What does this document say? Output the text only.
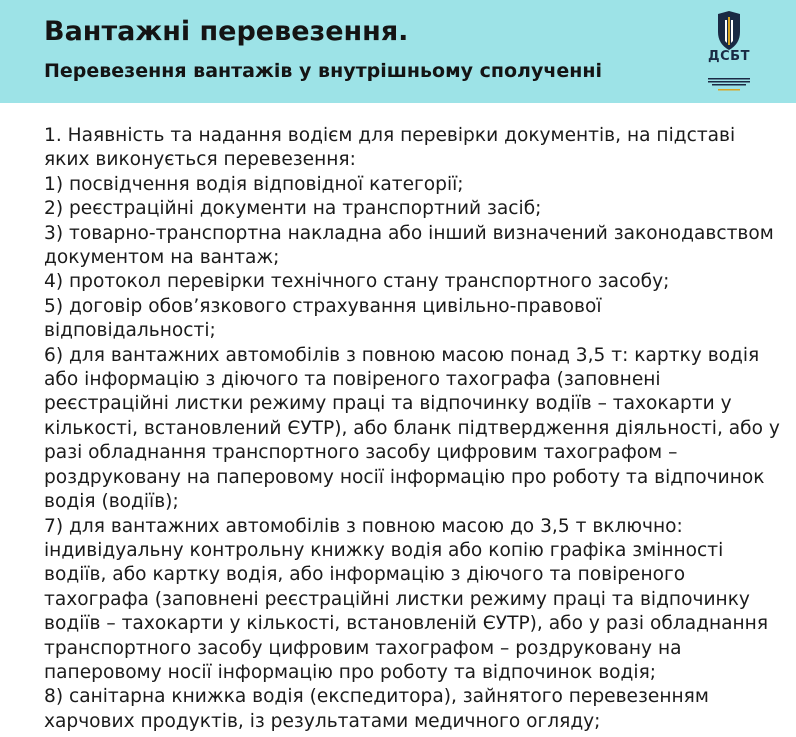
Вантажні перевезення.
Перевезення вантажів у внутрішньому сполученні
ДСБТ
1. Наявність та надання водієм для перевірки документів, на підставі
яких виконується перевезення:
1) посвідчення водія відповідної категорії;
2) реєстраційні документи на транспортний засіб;
3) товарно-транспортна накладна або інший визначений законодавством
документом на вантаж;
4) протокол перевірки технічного стану транспортного засобу;
5) договір обов’язкового страхування цивільно-правової
відповідальності;
6) для вантажних автомобілів з повною масою понад 3,5 т: картку водія
або інформацію з діючого та повіреного тахографа (заповнені
реєстраційні листки режиму праці та відпочинку водіїв – тахокарти у
кількості, встановлений ЄУТР), або бланк підтвердження діяльності, або у
разі обладнання транспортного засобу цифровим тахографом –
роздруковану на паперовому носії інформацію про роботу та відпочинок
водія (водіїв);
7) для вантажних автомобілів з повною масою до 3,5 т включно:
індивідуальну контрольну книжку водія або копію графіка змінності
водіїв, або картку водія, або інформацію з діючого та повіреного
тахографа (заповнені реєстраційні листки режиму праці та відпочинку
водіїв – тахокарти у кількості, встановленій ЄУТР), або у разі обладнання
транспортного засобу цифровим тахографом – роздруковану на
паперовому носії інформацію про роботу та відпочинок водія;
8) санітарна книжка водія (експедитора), зайнятого перевезенням
харчових продуктів, із результатами медичного огляду;
